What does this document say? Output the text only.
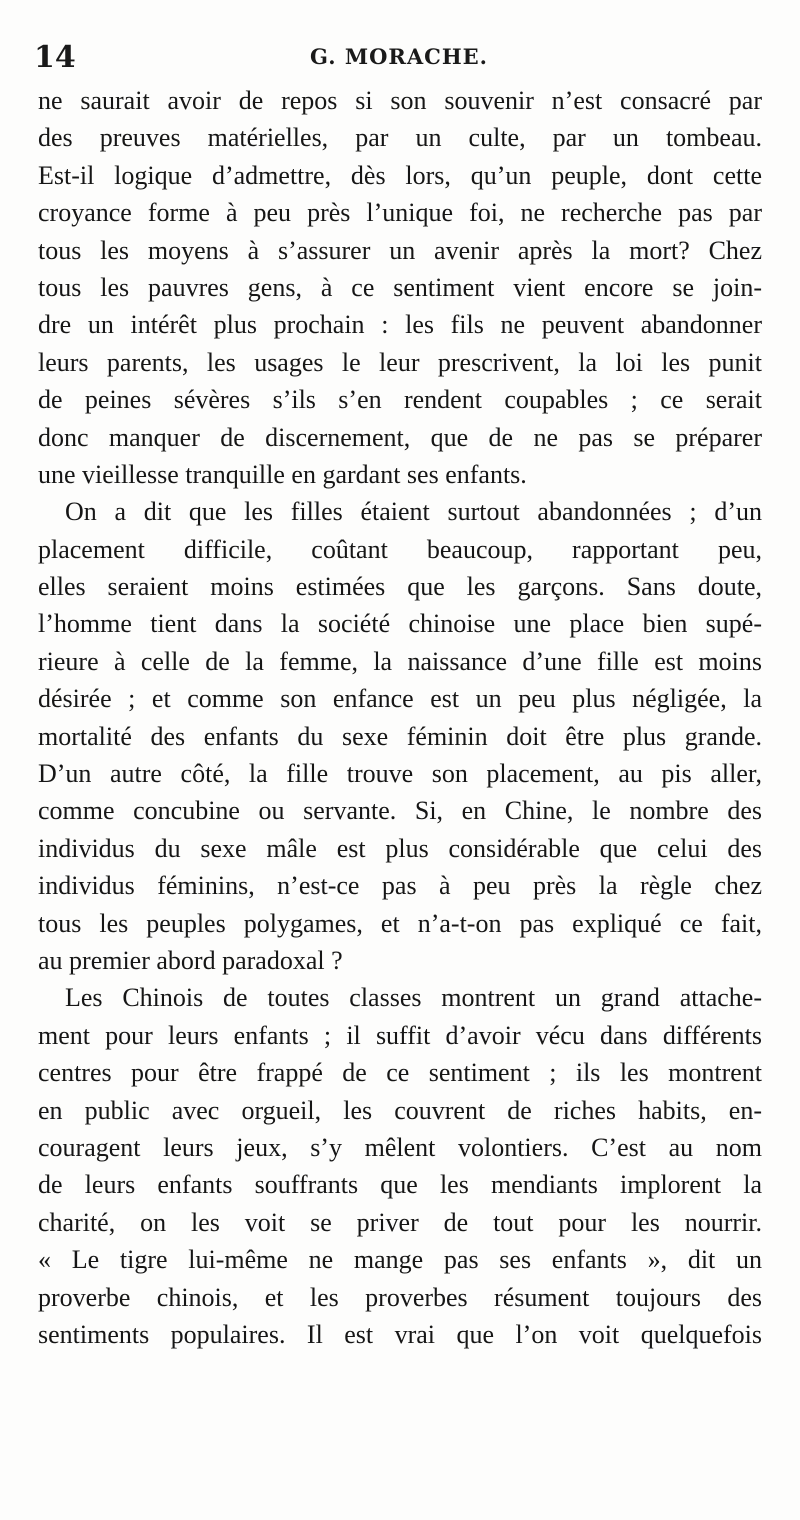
14	G. MORACHE.
ne saurait avoir de repos si son souvenir n’est consacré par
des preuves matérielles, par un culte, par un tombeau.
Est-il logique d’admettre, dès lors, qu’un peuple, dont cette
croyance forme à peu près l’unique foi, ne recherche pas par
tous les moyens à s’assurer un avenir après la mort? Chez
tous les pauvres gens, à ce sentiment vient encore se join-
dre un intérêt plus prochain : les fils ne peuvent abandonner
leurs parents, les usages le leur prescrivent, la loi les punit
de peines sévères s’ils s’en rendent coupables ; ce serait
donc manquer de discernement, que de ne pas se préparer
une vieillesse tranquille en gardant ses enfants.
On a dit que les filles étaient surtout abandonnées ; d’un
placement difficile, coûtant beaucoup, rapportant peu,
elles seraient moins estimées que les garçons. Sans doute,
l’homme tient dans la société chinoise une place bien supé-
rieure à celle de la femme, la naissance d’une fille est moins
désirée ; et comme son enfance est un peu plus négligée, la
mortalité des enfants du sexe féminin doit être plus grande.
D’un autre côté, la fille trouve son placement, au pis aller,
comme concubine ou servante. Si, en Chine, le nombre des
individus du sexe mâle est plus considérable que celui des
individus féminins, n’est-ce pas à peu près la règle chez
tous les peuples polygames, et n’a-t-on pas expliqué ce fait,
au premier abord paradoxal ?
Les Chinois de toutes classes montrent un grand attache-
ment pour leurs enfants ; il suffit d’avoir vécu dans différents
centres pour être frappé de ce sentiment ; ils les montrent
en public avec orgueil, les couvrent de riches habits, en-
couragent leurs jeux, s’y mêlent volontiers. C’est au nom
de leurs enfants souffrants que les mendiants implorent la
charité, on les voit se priver de tout pour les nourrir.
« Le tigre lui-même ne mange pas ses enfants », dit un
proverbe chinois, et les proverbes résument toujours des
sentiments populaires. Il est vrai que l’on voit quelquefois
